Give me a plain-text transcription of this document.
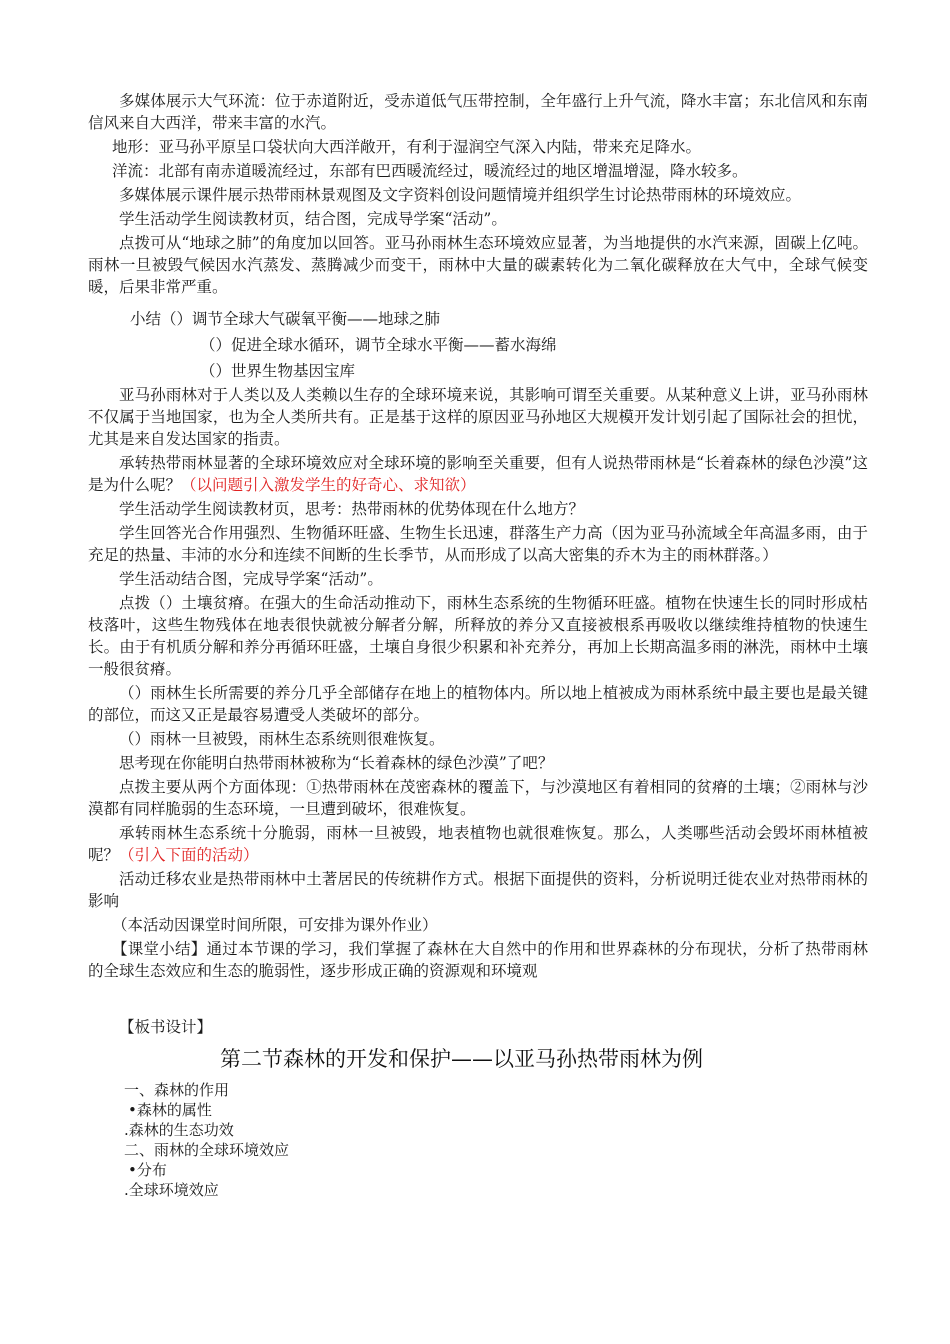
多媒体展示大气环流：位于赤道附近，受赤道低气压带控制，全年盛行上升气流，降水丰富；东北信风和东南信风来自大西洋，带来丰富的水汽。

地形：亚马孙平原呈口袋状向大西洋敞开，有利于湿润空气深入内陆，带来充足降水。

洋流：北部有南赤道暖流经过，东部有巴西暖流经过，暖流经过的地区增温增湿，降水较多。

多媒体展示课件展示热带雨林景观图及文字资料创设问题情境并组织学生讨论热带雨林的环境效应。

学生活动学生阅读教材页，结合图，完成导学案“活动”。

点拨可从“地球之肺”的角度加以回答。亚马孙雨林生态环境效应显著，为当地提供的水汽来源，固碳上亿吨。雨林一旦被毁气候因水汽蒸发、蒸腾减少而变干，雨林中大量的碳素转化为二氧化碳释放在大气中，全球气候变暖，后果非常严重。

小结（）调节全球大气碳氧平衡——地球之肺

（）促进全球水循环，调节全球水平衡——蓄水海绵

（）世界生物基因宝库

亚马孙雨林对于人类以及人类赖以生存的全球环境来说，其影响可谓至关重要。从某种意义上讲，亚马孙雨林不仅属于当地国家，也为全人类所共有。正是基于这样的原因亚马孙地区大规模开发计划引起了国际社会的担忧，尤其是来自发达国家的指责。

承转热带雨林显著的全球环境效应对全球环境的影响至关重要，但有人说热带雨林是“长着森林的绿色沙漠”这是为什么呢？（以问题引入激发学生的好奇心、求知欲）

学生活动学生阅读教材页，思考：热带雨林的优势体现在什么地方？

学生回答光合作用强烈、生物循环旺盛、生物生长迅速，群落生产力高（因为亚马孙流域全年高温多雨，由于充足的热量、丰沛的水分和连续不间断的生长季节，从而形成了以高大密集的乔木为主的雨林群落。）

学生活动结合图，完成导学案“活动”。

点拨（）土壤贫瘠。在强大的生命活动推动下，雨林生态系统的生物循环旺盛。植物在快速生长的同时形成枯枝落叶，这些生物残体在地表很快就被分解者分解，所释放的养分又直接被根系再吸收以继续维持植物的快速生长。由于有机质分解和养分再循环旺盛，土壤自身很少积累和补充养分，再加上长期高温多雨的淋洗，雨林中土壤一般很贫瘠。

（）雨林生长所需要的养分几乎全部储存在地上的植物体内。所以地上植被成为雨林系统中最主要也是最关键的部位，而这又正是最容易遭受人类破坏的部分。

（）雨林一旦被毁，雨林生态系统则很难恢复。

思考现在你能明白热带雨林被称为“长着森林的绿色沙漠”了吧？

点拨主要从两个方面体现：①热带雨林在茂密森林的覆盖下，与沙漠地区有着相同的贫瘠的土壤；②雨林与沙漠都有同样脆弱的生态环境，一旦遭到破坏，很难恢复。

承转雨林生态系统十分脆弱，雨林一旦被毁，地表植物也就很难恢复。那么，人类哪些活动会毁坏雨林植被呢？（引入下面的活动）

活动迁移农业是热带雨林中土著居民的传统耕作方式。根据下面提供的资料，分析说明迁徙农业对热带雨林的影响

（本活动因课堂时间所限，可安排为课外作业）

【课堂小结】通过本节课的学习，我们掌握了森林在大自然中的作用和世界森林的分布现状，分析了热带雨林的全球生态效应和生态的脆弱性，逐步形成正确的资源观和环境观

【板书设计】

第二节森林的开发和保护——以亚马孙热带雨林为例

一、森林的作用

•森林的属性

.森林的生态功效

二、雨林的全球环境效应

•分布

.全球环境效应
